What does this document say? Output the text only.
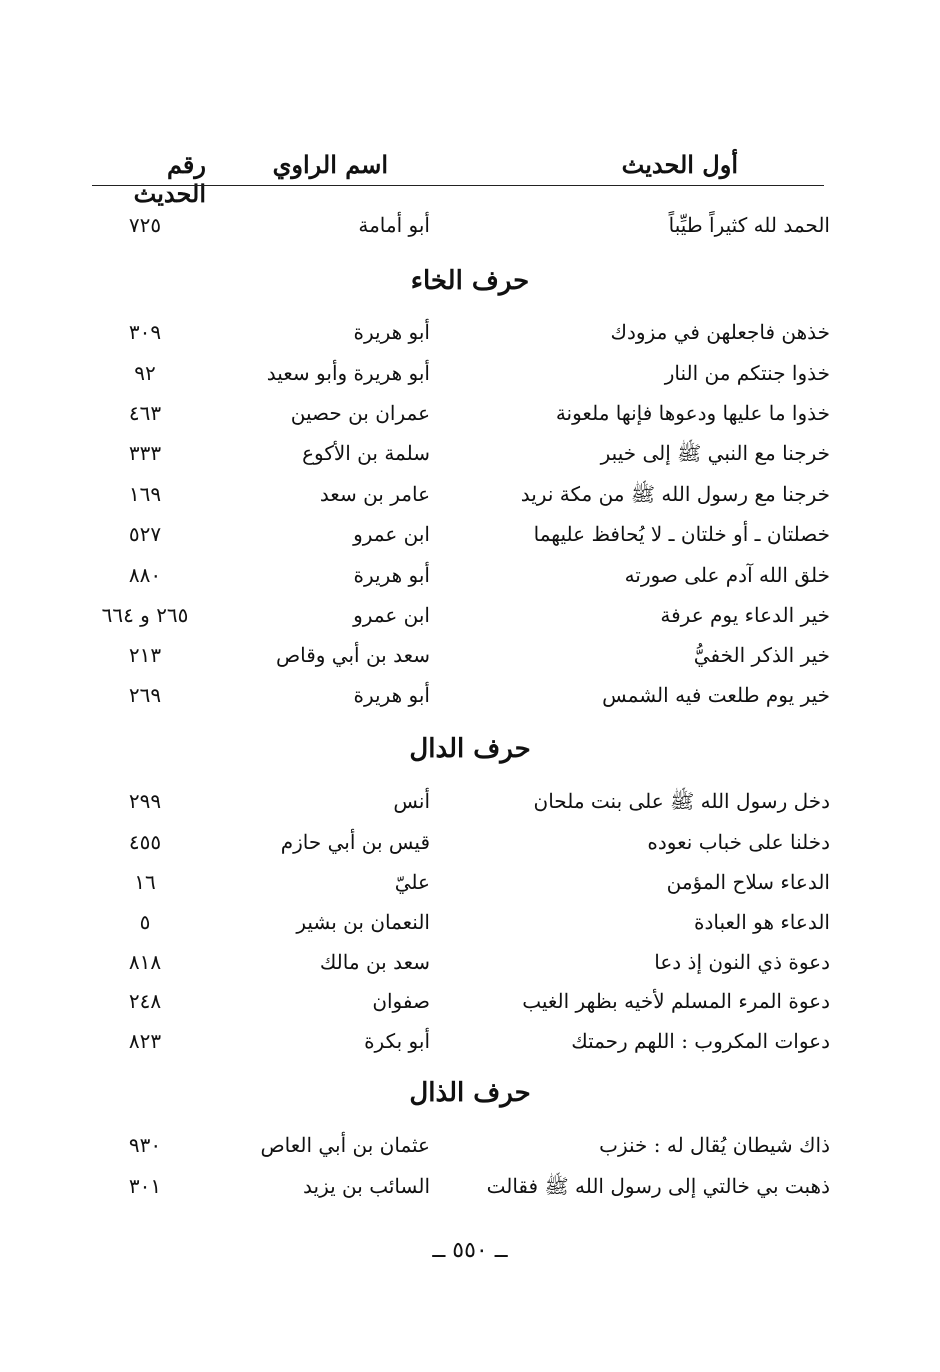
أول الحديث
اسم الراوي
رقم الحديث
الحمد لله كثيراً طيِّباً
أبو أمامة
٧٢٥
حرف الخاء
خذهن فاجعلهن في مزودك
أبو هريرة
٣٠٩
خذوا جنتكم من النار
أبو هريرة وأبو سعيد
٩٢
خذوا ما عليها ودعوها فإنها ملعونة
عمران بن حصين
٤٦٣
خرجنا مع النبي ﷺ إلى خيبر
سلمة بن الأكوع
٣٣٣
خرجنا مع رسول الله ﷺ من مكة نريد
عامر بن سعد
١٦٩
خصلتان ـ أو خلتان ـ لا يُحافظ عليهما
ابن عمرو
٥٢٧
خلق الله آدم على صورته
أبو هريرة
٨٨٠
خير الدعاء يوم عرفة
ابن عمرو
٢٦٥ و ٦٦٤
خير الذكر الخفيُّ
سعد بن أبي وقاص
٢١٣
خير يوم طلعت فيه الشمس
أبو هريرة
٢٦٩
حرف الدال
دخل رسول الله ﷺ على بنت ملحان
أنس
٢٩٩
دخلنا على خباب نعوده
قيس بن أبي حازم
٤٥٥
الدعاء سلاح المؤمن
عليّ
١٦
الدعاء هو العبادة
النعمان بن بشير
٥
دعوة ذي النون إذ دعا
سعد بن مالك
٨١٨
دعوة المرء المسلم لأخيه بظهر الغيب
صفوان
٢٤٨
دعوات المكروب : اللهم رحمتك
أبو بكرة
٨٢٣
حرف الذال
ذاك شيطان يُقال له : خنزب
عثمان بن أبي العاص
٩٣٠
ذهبت بي خالتي إلى رسول الله ﷺ فقالت
السائب بن يزيد
٣٠١
ــ ٥٥٠ ــ
